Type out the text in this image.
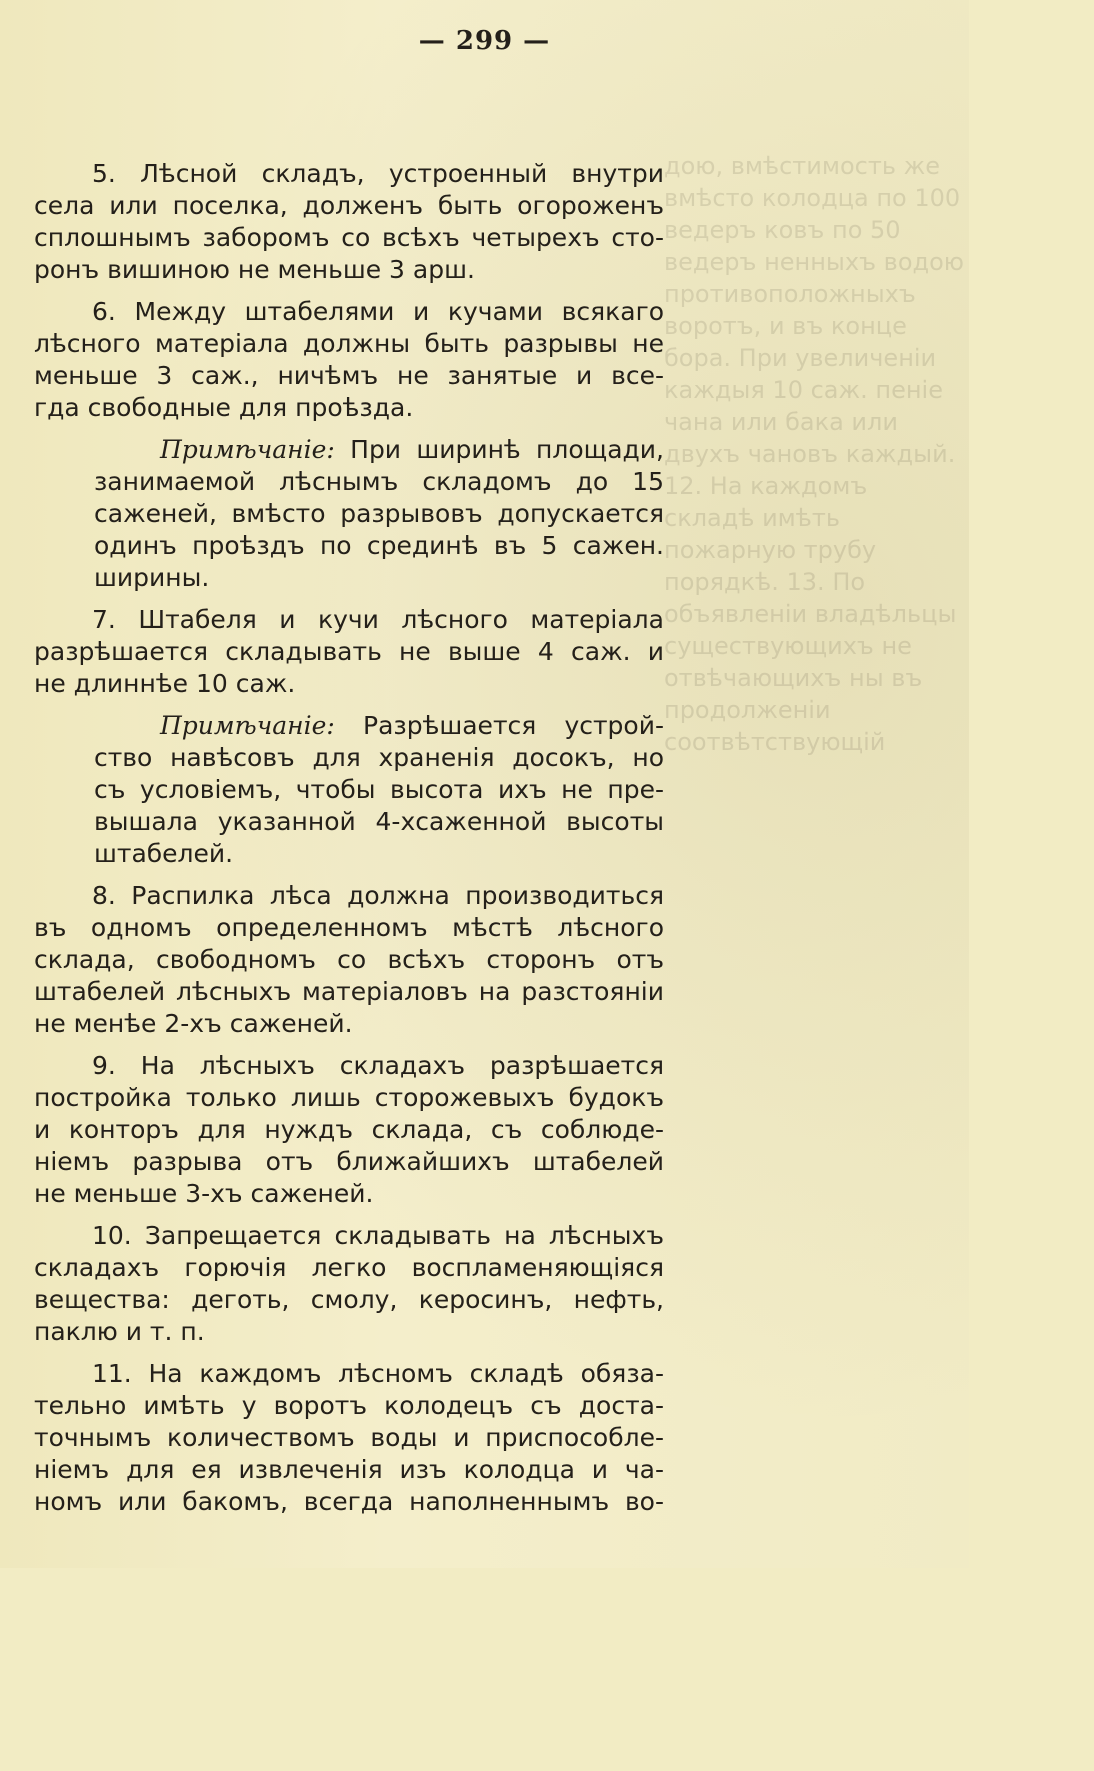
дою, вмѣстимость же вмѣсто колодца по 100 ведеръ ковъ по 50 ведеръ ненныхъ водою противоположныхъ воротъ, и въ конце бора. При увеличеніи каждыя 10 саж. пеніе чана или бака или двухъ чановъ каждый. 12. На каждомъ складѣ имѣть пожарную трубу порядкѣ. 13. По объявленіи владѣльцы существующихъ не отвѣчающихъ ны въ продолженіи соотвѣтствующій
— 299 —
5. Лѣсной складъ, устроенный внутри
села или поселка, долженъ быть огороженъ
сплошнымъ заборомъ со всѣхъ четырехъ сто-
ронъ вишиною не меньше 3 арш.
6. Между штабелями и кучами всякаго
лѣсного матеріала должны быть разрывы не
меньше 3 саж., ничѣмъ не занятые и все-
гда свободные для проѣзда.
Примѣчаніе: При ширинѣ площади,
занимаемой лѣснымъ складомъ до 15
саженей, вмѣсто разрывовъ допускается
одинъ проѣздъ по срединѣ въ 5 сажен.
ширины.
7. Штабеля и кучи лѣсного матеріала
разрѣшается складывать не выше 4 саж. и
не длиннѣе 10 саж.
Примѣчаніе: Разрѣшается устрой-
ство навѣсовъ для храненія досокъ, но
съ условіемъ, чтобы высота ихъ не пре-
вышала указанной 4-хсаженной высоты
штабелей.
8. Распилка лѣса должна производиться
въ одномъ определенномъ мѣстѣ лѣсного
склада, свободномъ со всѣхъ сторонъ отъ
штабелей лѣсныхъ матеріаловъ на разстояніи
не менѣе 2-хъ саженей.
9. На лѣсныхъ складахъ разрѣшается
постройка только лишь сторожевыхъ будокъ
и конторъ для нуждъ склада, съ соблюде-
ніемъ разрыва отъ ближайшихъ штабелей
не меньше 3-хъ саженей.
10. Запрещается складывать на лѣсныхъ
складахъ горючія легко воспламеняющіяся
вещества: деготь, смолу, керосинъ, нефть,
паклю и т. п.
11. На каждомъ лѣсномъ складѣ обяза-
тельно имѣть у воротъ колодецъ съ доста-
точнымъ количествомъ воды и приспособле-
ніемъ для ея извлеченія изъ колодца и ча-
номъ или бакомъ, всегда наполненнымъ во-
